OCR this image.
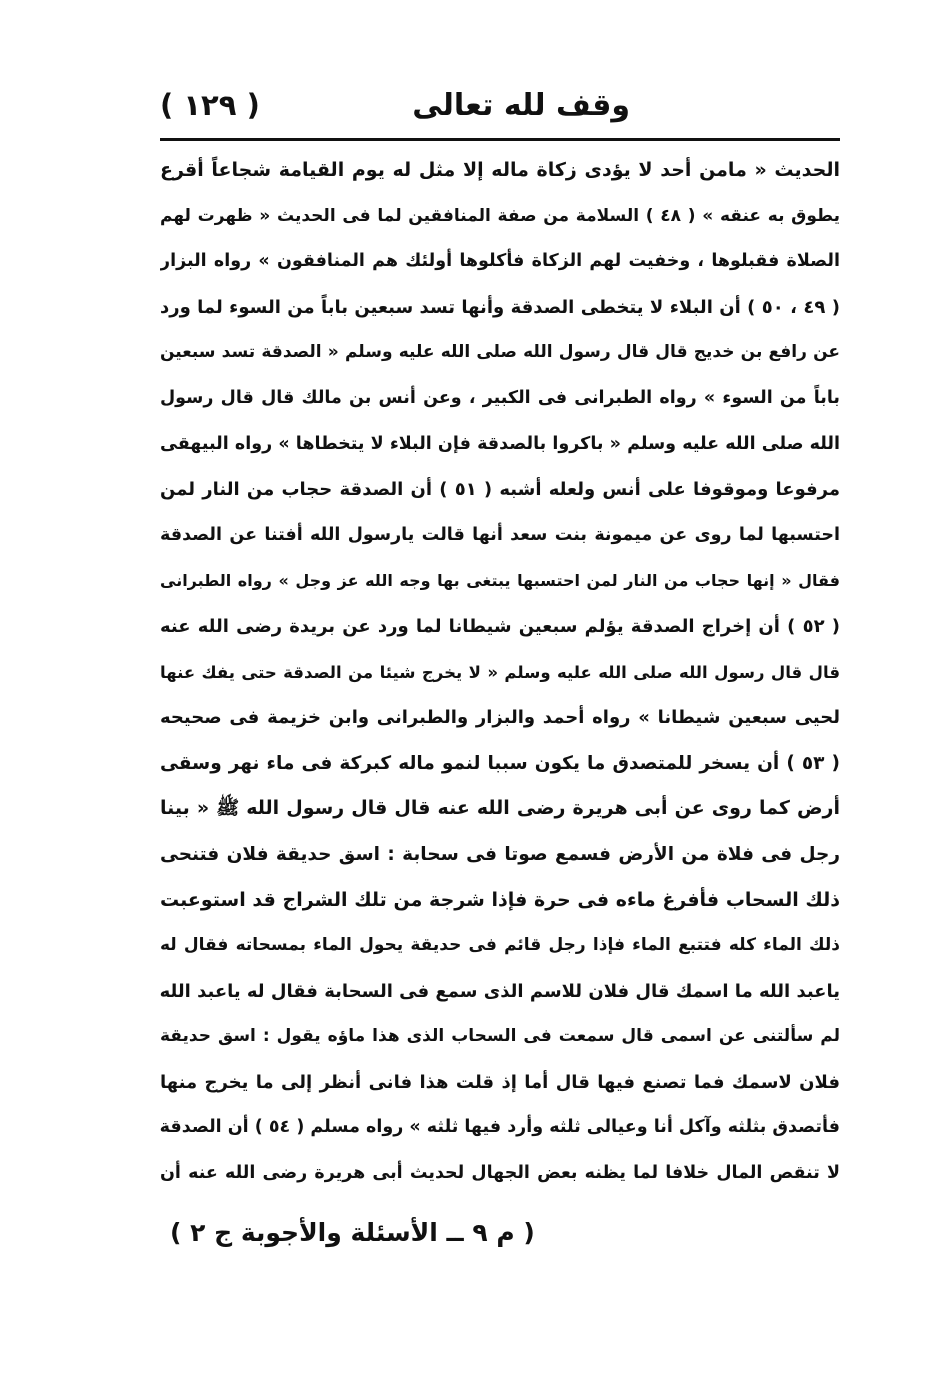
وقف لله تعالى
( ١٢٩ )
الحديث « مامن أحد لا يؤدى زكاة ماله إلا مثل له يوم القيامة شجاعاً أقرع
يطوق به عنقه » ( ٤٨ ) السلامة من صفة المنافقين لما فى الحديث « ظهرت لهم
الصلاة فقبلوها ، وخفيت لهم الزكاة فأكلوها أولئك هم المنافقون » رواه البزار
( ٤٩ ، ٥٠ ) أن البلاء لا يتخطى الصدقة وأنها تسد سبعين باباً من السوء لما ورد
عن رافع بن خديج قال قال رسول الله صلى الله عليه وسلم « الصدقة تسد سبعين
باباً من السوء » رواه الطبرانى فى الكبير ، وعن أنس بن مالك قال قال رسول
الله صلى الله عليه وسلم « باكروا بالصدقة فإن البلاء لا يتخطاها » رواه البيهقى
مرفوعا وموقوفا على أنس ولعله أشبه ( ٥١ ) أن الصدقة حجاب من النار لمن
احتسبها لما روى عن ميمونة بنت سعد أنها قالت يارسول الله أفتنا عن الصدقة
فقال « إنها حجاب من النار لمن احتسبها يبتغى بها وجه الله عز وجل » رواه الطبرانى
( ٥٢ ) أن إخراج الصدقة يؤلم سبعين شيطانا لما ورد عن بريدة رضى الله عنه
قال قال رسول الله صلى الله عليه وسلم « لا يخرج شيئا من الصدقة حتى يفك عنها
لحيى سبعين شيطانا » رواه أحمد والبزار والطبرانى وابن خزيمة فى صحيحه
( ٥٣ ) أن يسخر للمتصدق ما يكون سببا لنمو ماله كبركة فى ماء نهر وسقى
أرض كما روى عن أبى هريرة رضى الله عنه قال قال رسول الله ﷺ « بينا
رجل فى فلاة من الأرض فسمع صوتا فى سحابة : اسق حديقة فلان فتنحى
ذلك السحاب فأفرغ ماءه فى حرة فإذا شرجة من تلك الشراج قد استوعبت
ذلك الماء كله فتتبع الماء فإذا رجل قائم فى حديقة يحول الماء بمسحاته فقال له
ياعبد الله ما اسمك قال فلان للاسم الذى سمع فى السحابة فقال له ياعبد الله
لم سألتنى عن اسمى قال سمعت فى السحاب الذى هذا ماؤه يقول : اسق حديقة
فلان لاسمك فما تصنع فيها قال أما إذ قلت هذا فانى أنظر إلى ما يخرج منها
فأتصدق بثلثه وآكل أنا وعيالى ثلثه وأرد فيها ثلثه » رواه مسلم ( ٥٤ ) أن الصدقة
لا تنقص المال خلافا لما يظنه بعض الجهال لحديث أبى هريرة رضى الله عنه أن
( م ٩ ــ الأسئلة والأجوبة ج ٢ )
